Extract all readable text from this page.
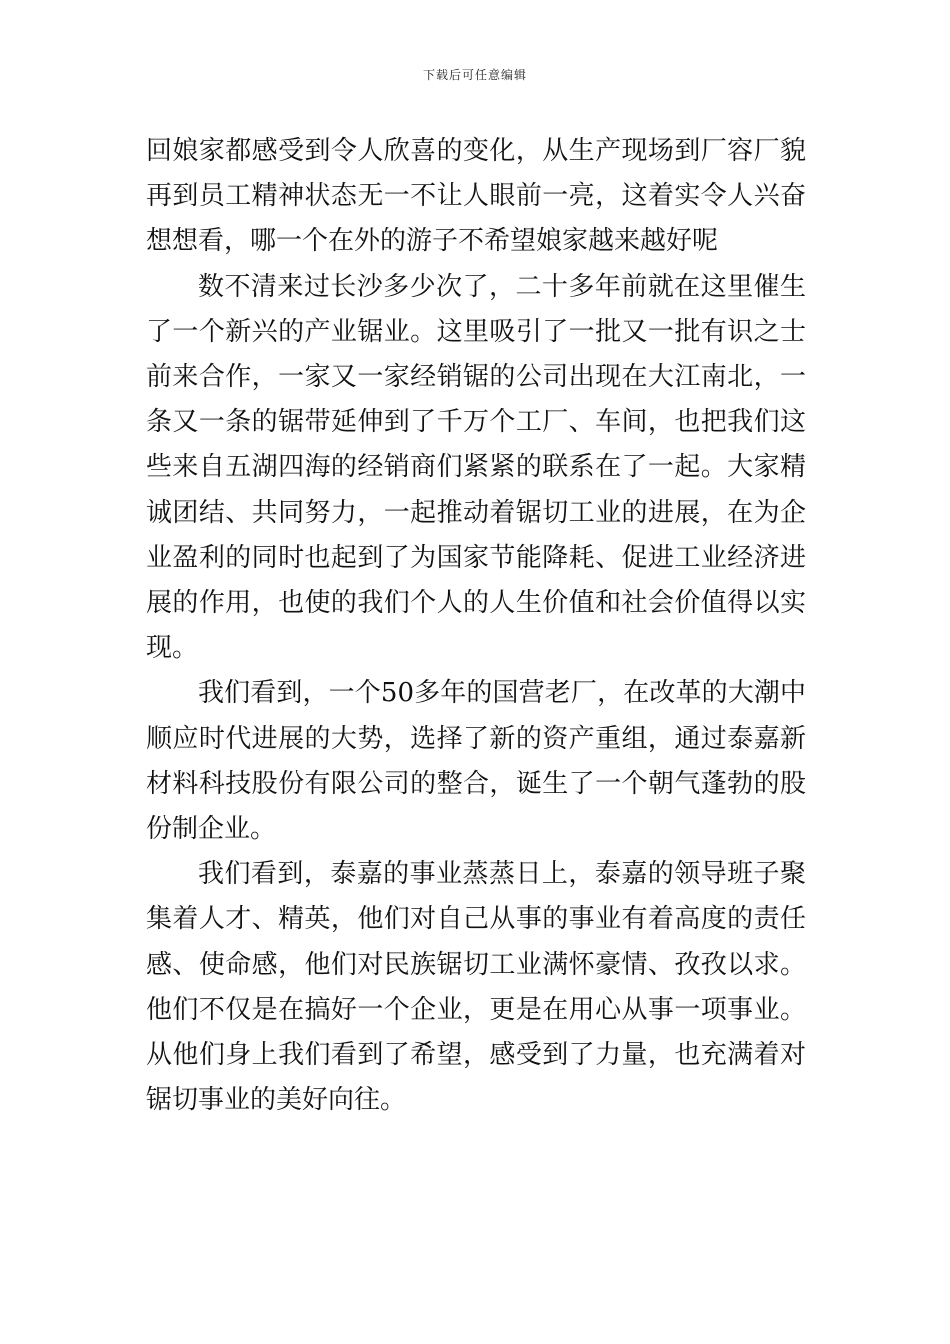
下载后可任意编辑

回娘家都感受到令人欣喜的变化，从生产现场到厂容厂貌再到员工精神状态无一不让人眼前一亮，这着实令人兴奋想想看，哪一个在外的游子不希望娘家越来越好呢

数不清来过长沙多少次了，二十多年前就在这里催生了一个新兴的产业锯业。这里吸引了一批又一批有识之士前来合作，一家又一家经销锯的公司出现在大江南北，一条又一条的锯带延伸到了千万个工厂、车间，也把我们这些来自五湖四海的经销商们紧紧的联系在了一起。大家精诚团结、共同努力，一起推动着锯切工业的进展，在为企业盈利的同时也起到了为国家节能降耗、促进工业经济进展的作用，也使的我们个人的人生价值和社会价值得以实现。

我们看到，一个50多年的国营老厂，在改革的大潮中顺应时代进展的大势，选择了新的资产重组，通过泰嘉新材料科技股份有限公司的整合，诞生了一个朝气蓬勃的股份制企业。

我们看到，泰嘉的事业蒸蒸日上，泰嘉的领导班子聚集着人才、精英，他们对自己从事的事业有着高度的责任感、使命感，他们对民族锯切工业满怀豪情、孜孜以求。他们不仅是在搞好一个企业，更是在用心从事一项事业。从他们身上我们看到了希望，感受到了力量，也充满着对锯切事业的美好向往。
